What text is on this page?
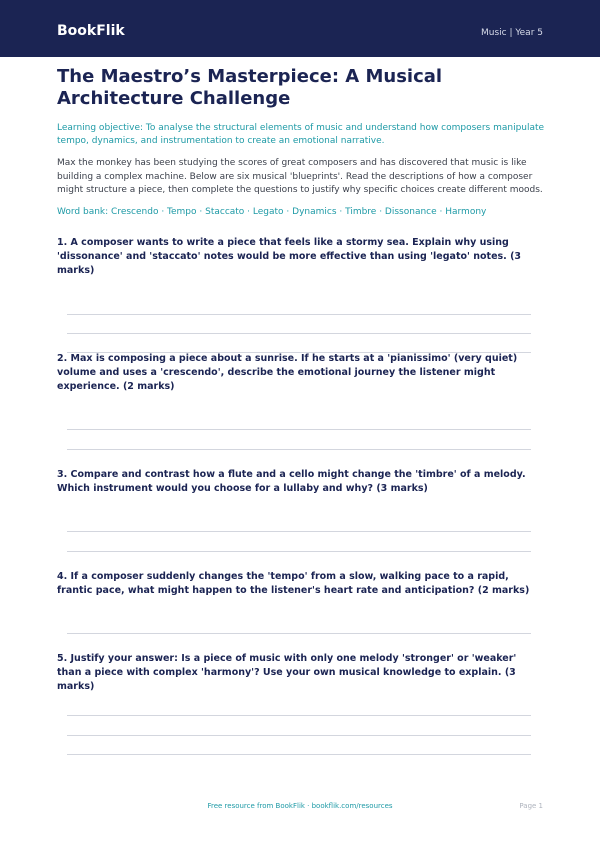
BookFlik	Music | Year 5
The Maestro’s Masterpiece: A Musical Architecture Challenge
Learning objective: To analyse the structural elements of music and understand how composers manipulate tempo, dynamics, and instrumentation to create an emotional narrative.
Max the monkey has been studying the scores of great composers and has discovered that music is like building a complex machine. Below are six musical 'blueprints'. Read the descriptions of how a composer might structure a piece, then complete the questions to justify why specific choices create different moods.
Word bank: Crescendo · Tempo · Staccato · Legato · Dynamics · Timbre · Dissonance · Harmony
1. A composer wants to write a piece that feels like a stormy sea. Explain why using 'dissonance' and 'staccato' notes would be more effective than using 'legato' notes. (3 marks)
2. Max is composing a piece about a sunrise. If he starts at a 'pianissimo' (very quiet) volume and uses a 'crescendo', describe the emotional journey the listener might experience. (2 marks)
3. Compare and contrast how a flute and a cello might change the 'timbre' of a melody. Which instrument would you choose for a lullaby and why? (3 marks)
4. If a composer suddenly changes the 'tempo' from a slow, walking pace to a rapid, frantic pace, what might happen to the listener's heart rate and anticipation? (2 marks)
5. Justify your answer: Is a piece of music with only one melody 'stronger' or 'weaker' than a piece with complex 'harmony'? Use your own musical knowledge to explain. (3 marks)
Free resource from BookFlik · bookflik.com/resources	Page 1
